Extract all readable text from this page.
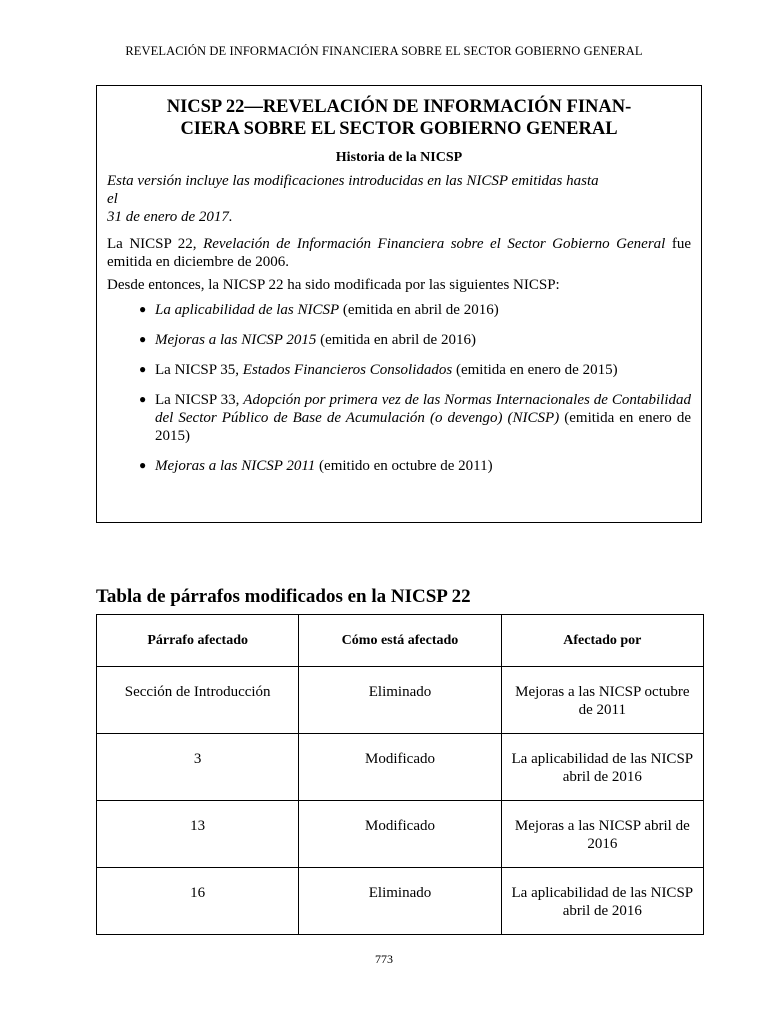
REVELACIÓN DE INFORMACIÓN FINANCIERA SOBRE EL SECTOR GOBIERNO GENERAL
NICSP 22—REVELACIÓN DE INFORMACIÓN FINAN-
CIERA SOBRE EL SECTOR GOBIERNO GENERAL
Historia de la NICSP

Esta versión incluye las modificaciones introducidas en las NICSP emitidas hasta
el
31 de enero de 2017.

La NICSP 22, Revelación de Información Financiera sobre el Sector Gobierno General fue emitida en diciembre de 2006.

Desde entonces, la NICSP 22 ha sido modificada por las siguientes NICSP:

● La aplicabilidad de las NICSP (emitida en abril de 2016)
● Mejoras a las NICSP 2015 (emitida en abril de 2016)
● La NICSP 35, Estados Financieros Consolidados (emitida en enero de 2015)
● La NICSP 33, Adopción por primera vez de las Normas Internacionales de Contabilidad del Sector Público de Base de Acumulación (o devengo) (NICSP) (emitida en enero de 2015)
● Mejoras a las NICSP 2011 (emitido en octubre de 2011)
Tabla de párrafos modificados en la NICSP 22
Párrafo afectado	Cómo está afectado	Afectado por
Sección de Introducción	Eliminado	Mejoras a las NICSP octubre de 2011
3	Modificado	La aplicabilidad de las NICSP abril de 2016
13	Modificado	Mejoras a las NICSP abril de 2016
16	Eliminado	La aplicabilidad de las NICSP abril de 2016
773
